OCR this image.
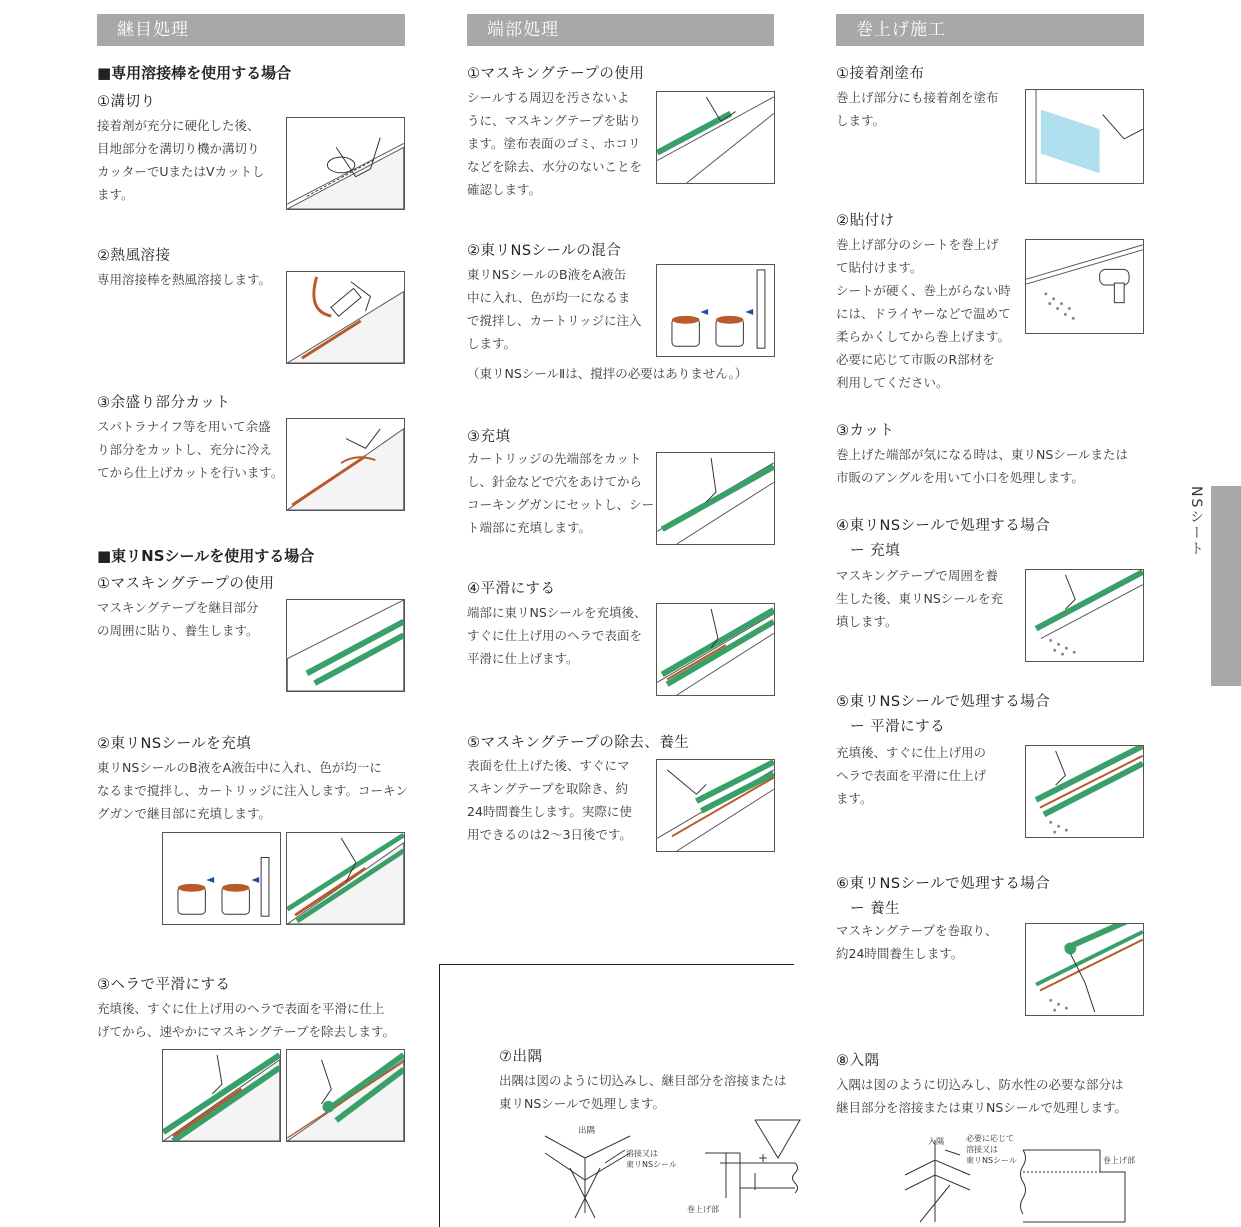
継目処理	端部処理	巻上げ施工
NSシート
■専用溶接棒を使用する場合
①溝切り
接着剤が充分に硬化した後、
目地部分を溝切り機か溝切り
カッターでUまたはVカットし
ます。
②熱風溶接
専用溶接棒を熱風溶接します。
③余盛り部分カット
スパトラナイフ等を用いて余盛
り部分をカットし、充分に冷え
てから仕上げカットを行います。
■東リNSシールを使用する場合
①マスキングテープの使用
マスキングテープを継目部分
の周囲に貼り、養生します。
②東リNSシールを充填
東リNSシールのB液をA液缶中に入れ、色が均一に
なるまで撹拌し、カートリッジに注入します。コーキン
グガンで継目部に充填します。
③ヘラで平滑にする
充填後、すぐに仕上げ用のヘラで表面を平滑に仕上
げてから、速やかにマスキングテープを除去します。
①マスキングテープの使用
シールする周辺を汚さないよ
うに、マスキングテープを貼り
ます。塗布表面のゴミ、ホコリ
などを除去、水分のないことを
確認します。
②東リNSシールの混合
東リNSシールのB液をA液缶
中に入れ、色が均一になるま
で撹拌し、カートリッジに注入
します。
（東リNSシールⅡは、撹拌の必要はありません。）
③充填
カートリッジの先端部をカット
し、針金などで穴をあけてから
コーキングガンにセットし、シー
ト端部に充填します。
④平滑にする
端部に東リNSシールを充填後、
すぐに仕上げ用のヘラで表面を
平滑に仕上げます。
⑤マスキングテープの除去、養生
表面を仕上げた後、すぐにマ
スキングテープを取除き、約
24時間養生します。実際に使
用できるのは2～3日後です。
⑦出隅
出隅は図のように切込みし、継目部分を溶接または
東リNSシールで処理します。
出隅
溶接又は
東リNSシール	+
巻上げ部
①接着剤塗布
巻上げ部分にも接着剤を塗布
します。
②貼付け
巻上げ部分のシートを巻上げ
て貼付けます。
シートが硬く、巻上がらない時
には、ドライヤーなどで温めて
柔らかくしてから巻上げます。
必要に応じて市販のR部材を
利用してください。
③カット
巻上げた端部が気になる時は、東リNSシールまたは
市販のアングルを用いて小口を処理します。
④東リNSシールで処理する場合
ー 充填
マスキングテープで周囲を養
生した後、東リNSシールを充
填します。
⑤東リNSシールで処理する場合
ー 平滑にする
充填後、すぐに仕上げ用の
ヘラで表面を平滑に仕上げ
ます。
⑥東リNSシールで処理する場合
ー 養生
マスキングテープを巻取り、
約24時間養生します。
⑧入隅
入隅は図のように切込みし、防水性の必要な部分は
継目部分を溶接または東リNSシールで処理します。
入隅	必要に応じて
溶接又は
東リNSシール	巻上げ部
